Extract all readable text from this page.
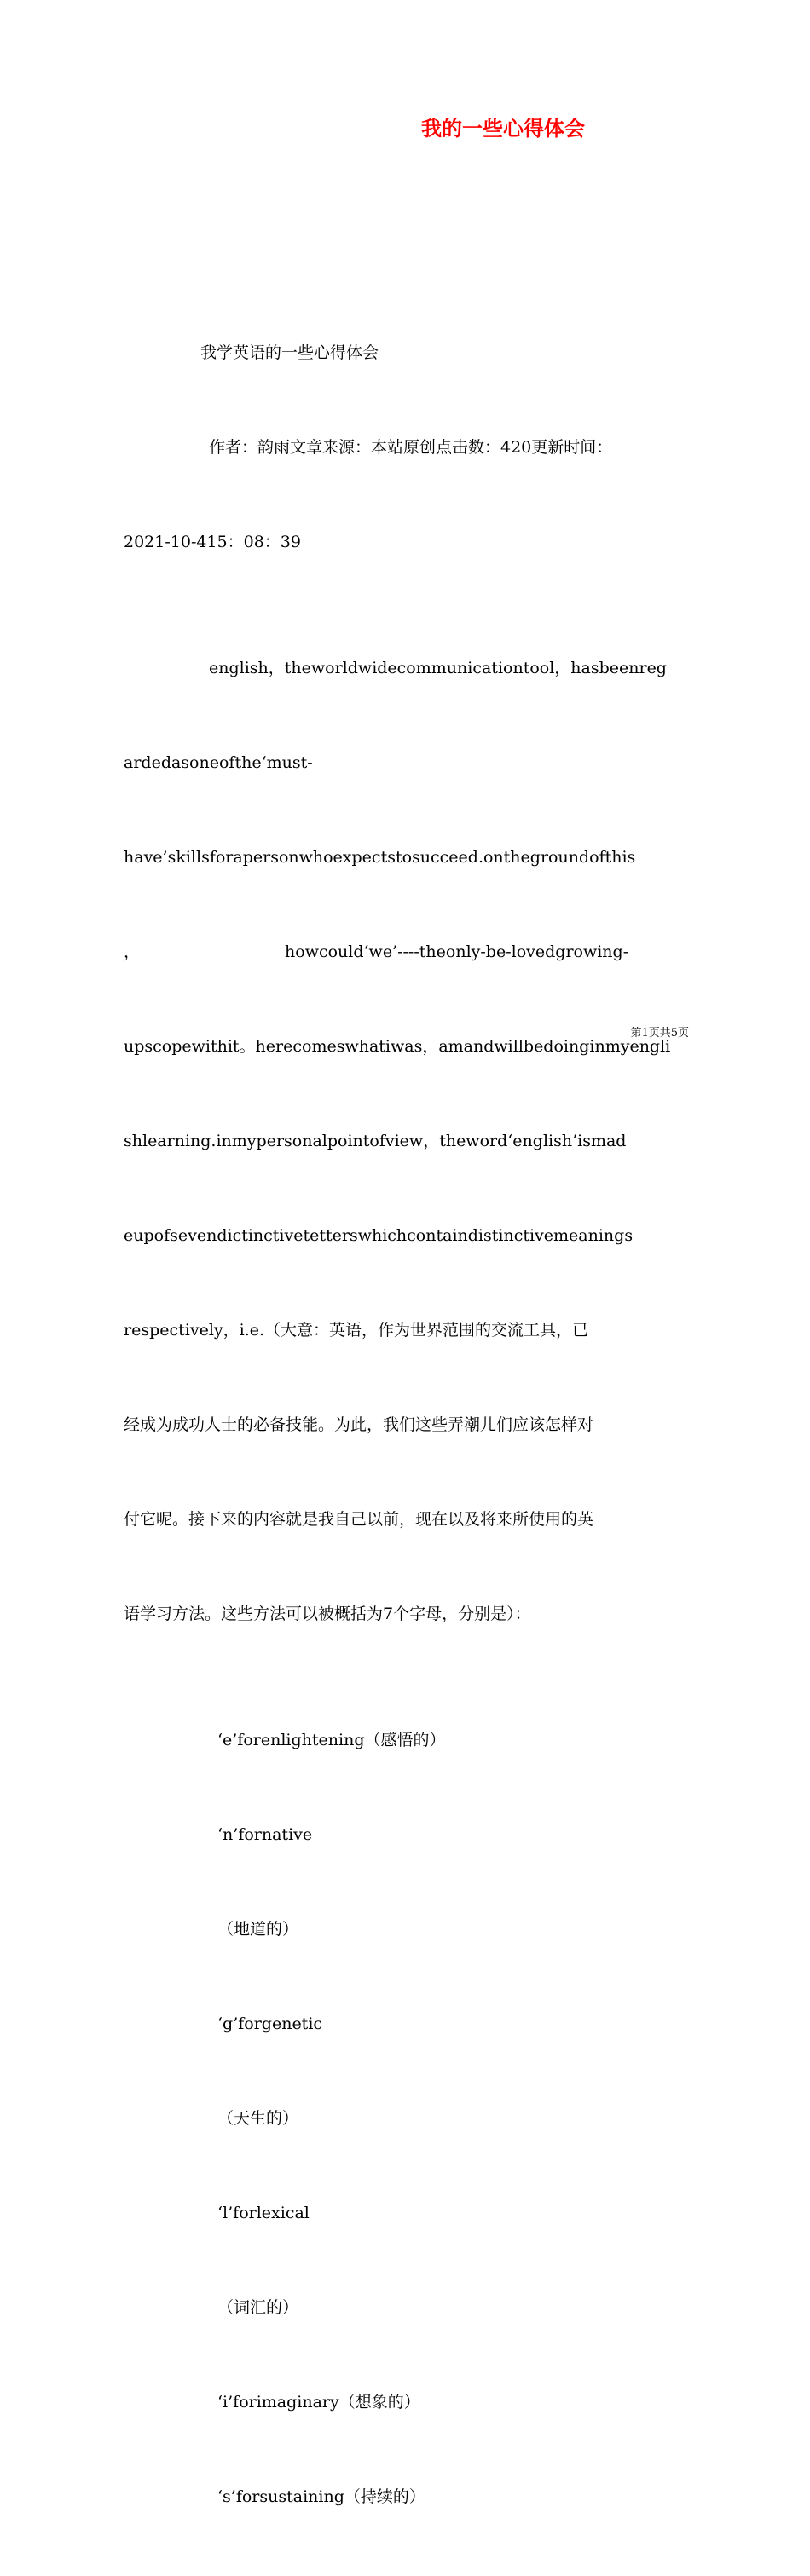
我的一些心得体会

我学英语的一些心得体会

作者：韵雨文章来源：本站原创点击数：420更新时间：

2021-10-415：08：39

english，theworldwidecommunicationtool，hasbeenreg

ardedasoneofthe‘must-

have’skillsforapersonwhoexpectstosucceed.onthegroundofthis

，	howcould‘we’----theonly-be-lovedgrowing-

upscopewithit。herecomeswhatiwas，amandwillbedoinginmyengli

shlearning.inmypersonalpointofview，theword‘english’ismad

eupofsevendictinctivetetterswhichcontaindistinctivemeanings

respectively，i.e.（大意：英语，作为世界范围的交流工具，已

经成为成功人士的必备技能。为此，我们这些弄潮儿们应该怎样对

付它呢。接下来的内容就是我自己以前，现在以及将来所使用的英

语学习方法。这些方法可以被概括为7个字母，分别是）：

‘e’forenlightening（感悟的）

‘n’fornative

（地道的）

‘g’forgenetic

（天生的）

‘l’forlexical

（词汇的）

‘i’forimaginary（想象的）

‘s’forsustaining（持续的）

第1页共5页
